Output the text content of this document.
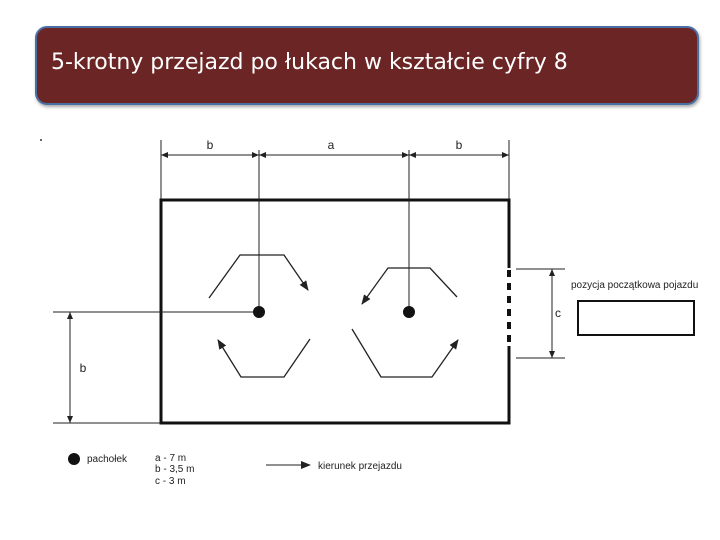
5-krotny przejazd po łukach w kształcie cyfry 8
b	a	b
b
c
pozycja początkowa pojazdu
pachołek	a - 7 m
b - 3,5 m
c - 3 m
kierunek przejazdu
